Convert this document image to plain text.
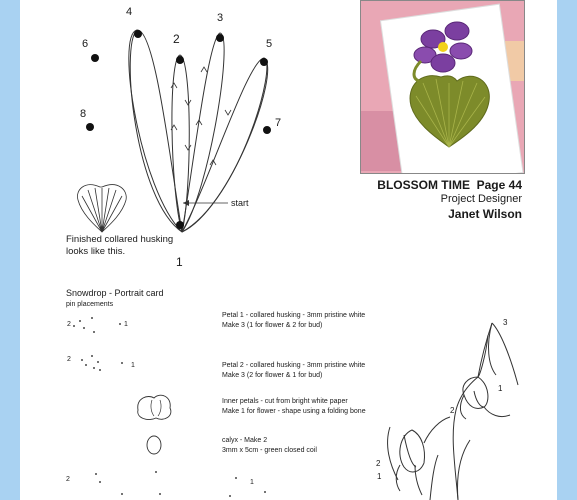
4
2
3
5
6
8
7
1
start
Finished collared husking looks like this.
BLOSSOM TIME Page 44
Project Designer
Janet Wilson
Snowdrop - Portrait card
pin placements
2	1
2
1
2	1
Petal 1 - collared husking - 3mm pristine white
Make 3 (1 for flower & 2 for bud)
Petal 2 - collared husking - 3mm pristine white
Make 3 (2 for flower & 1 for bud)
Inner petals - cut from bright white paper
Make 1 for flower - shape using a folding bone
calyx - Make 2
3mm x 5cm - green closed coil
3
1
2
2
1
